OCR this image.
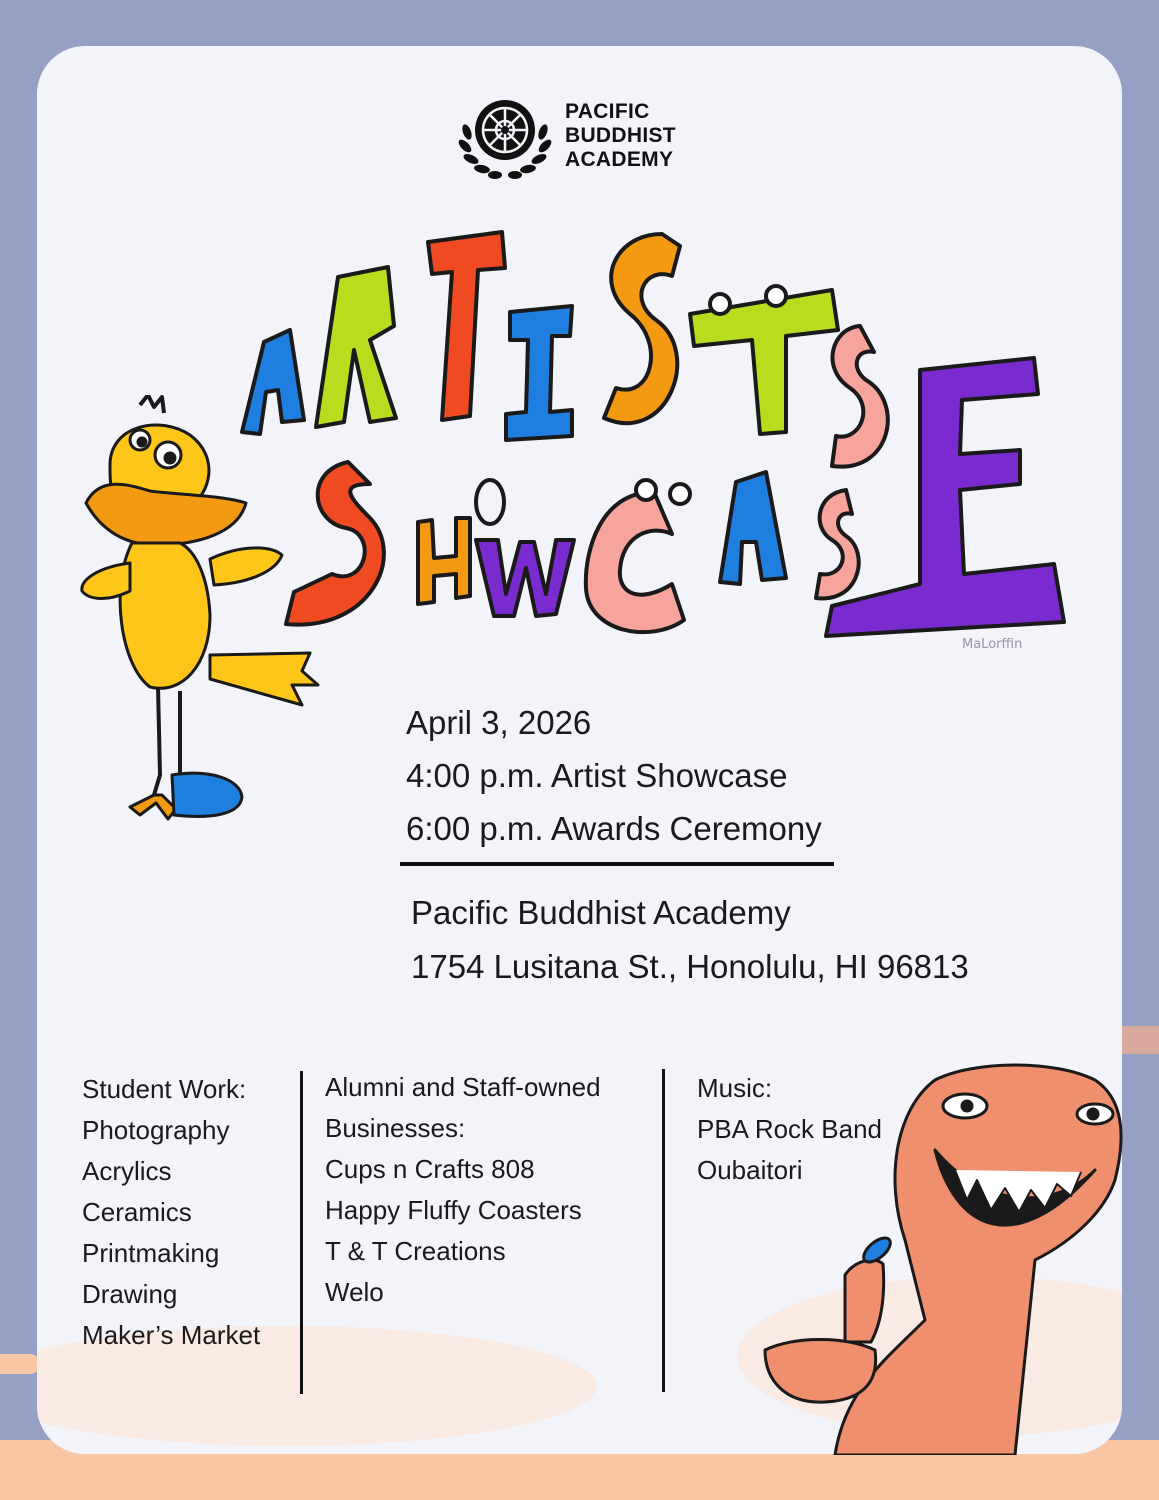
PACIFIC
BUDDHIST
ACADEMY
MaLorffin
April 3, 2026
4:00 p.m. Artist Showcase
6:00 p.m. Awards Ceremony
Pacific Buddhist Academy
1754 Lusitana St., Honolulu, HI 96813
Student Work:
Photography
Acrylics
Ceramics
Printmaking
Drawing
Maker’s Market
Alumni and Staff-owned
Businesses:
Cups n Crafts 808
Happy Fluffy Coasters
T & T Creations
Welo
Music:
PBA Rock Band
Oubaitori
